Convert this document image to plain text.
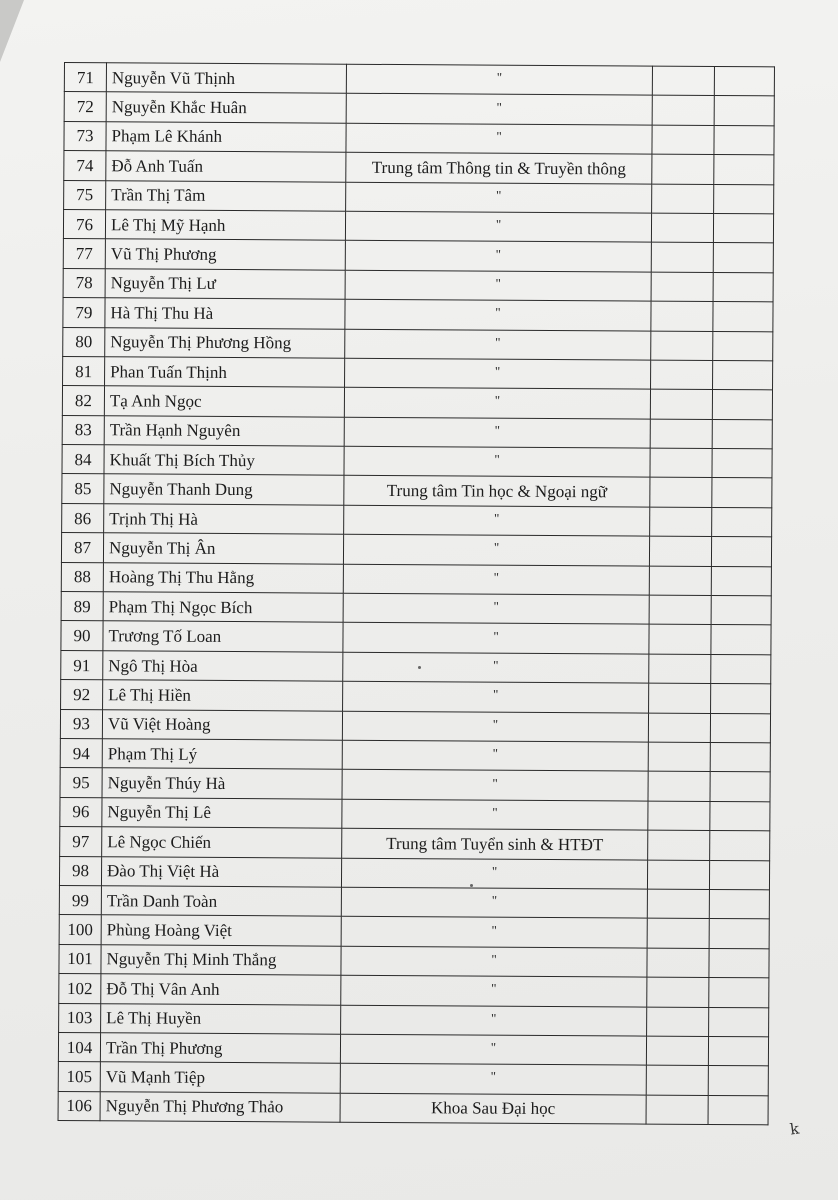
71	Nguyễn Vũ Thịnh	"		
72	Nguyễn Khắc Huân	"		
73	Phạm Lê Khánh	"		
74	Đỗ Anh Tuấn	Trung tâm Thông tin & Truyền thông		
75	Trần Thị Tâm	"		
76	Lê Thị Mỹ Hạnh	"		
77	Vũ Thị Phương	"		
78	Nguyễn Thị Lư	"		
79	Hà Thị Thu Hà	"		
80	Nguyễn Thị Phương Hồng	"		
81	Phan Tuấn Thịnh	"		
82	Tạ Anh Ngọc	"		
83	Trần Hạnh Nguyên	"		
84	Khuất Thị Bích Thủy	"		
85	Nguyễn Thanh Dung	Trung tâm Tin học & Ngoại ngữ		
86	Trịnh Thị Hà	"		
87	Nguyễn Thị Ân	"		
88	Hoàng Thị Thu Hằng	"		
89	Phạm Thị Ngọc Bích	"		
90	Trương Tố Loan	"		
91	Ngô Thị Hòa	"		
92	Lê Thị Hiền	"		
93	Vũ Việt Hoàng	"		
94	Phạm Thị Lý	"		
95	Nguyễn Thúy Hà	"		
96	Nguyễn Thị Lê	"		
97	Lê Ngọc Chiến	Trung tâm Tuyển sinh & HTĐT		
98	Đào Thị Việt Hà	"		
99	Trần Danh Toàn	"		
100	Phùng Hoàng Việt	"		
101	Nguyễn Thị Minh Thắng	"		
102	Đỗ Thị Vân Anh	"		
103	Lê Thị Huyền	"		
104	Trần Thị Phương	"		
105	Vũ Mạnh Tiệp	"		
106	Nguyễn Thị Phương Thảo	Khoa Sau Đại học		
k
